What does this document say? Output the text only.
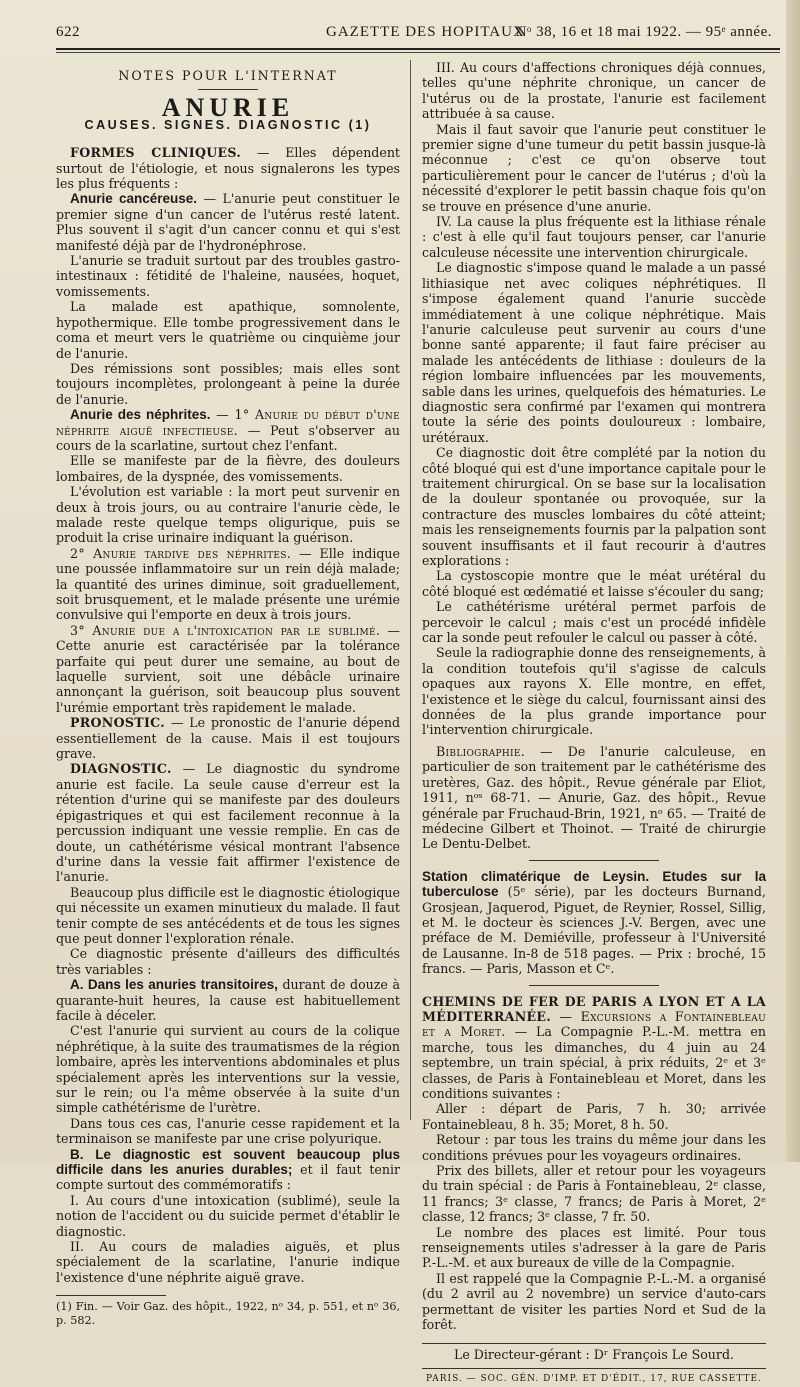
622	GAZETTE DES HOPITAUX
Nᵒ 38, 16 et 18 mai 1922. — 95ᵉ année.
NOTES POUR L'INTERNAT
ANURIE
CAUSES. SIGNES. DIAGNOSTIC (1)

FORMES CLINIQUES. — Elles dépendent surtout de l'étiologie, et nous signalerons les types les plus fréquents :

Anurie cancéreuse. — L'anurie peut constituer le premier signe d'un cancer de l'utérus resté latent. Plus souvent il s'agit d'un cancer connu et qui s'est manifesté déjà par de l'hydronéphrose.

L'anurie se traduit surtout par des troubles gastro-intestinaux : fétidité de l'haleine, nausées, hoquet, vomissements.

La malade est apathique, somnolente, hypothermique. Elle tombe progressivement dans le coma et meurt vers le quatrième ou cinquième jour de l'anurie.

Des rémissions sont possibles; mais elles sont toujours incomplètes, prolongeant à peine la durée de l'anurie.

Anurie des néphrites. — 1° Anurie du début d'une néphrite aiguë infectieuse. — Peut s'observer au cours de la scarlatine, surtout chez l'enfant.

Elle se manifeste par de la fièvre, des douleurs lombaires, de la dyspnée, des vomissements.

L'évolution est variable : la mort peut survenir en deux à trois jours, ou au contraire l'anurie cède, le malade reste quelque temps oligurique, puis se produit la crise urinaire indiquant la guérison.

2° Anurie tardive des néphrites. — Elle indique une poussée inflammatoire sur un rein déjà malade; la quantité des urines diminue, soit graduellement, soit brusquement, et le malade présente une urémie convulsive qui l'emporte en deux à trois jours.

3° Anurie due a l'intoxication par le sublimé. — Cette anurie est caractérisée par la tolérance parfaite qui peut durer une semaine, au bout de laquelle survient, soit une débâcle urinaire annonçant la guérison, soit beaucoup plus souvent l'urémie emportant très rapidement le malade.

PRONOSTIC. — Le pronostic de l'anurie dépend essentiellement de la cause. Mais il est toujours grave.

DIAGNOSTIC. — Le diagnostic du syndrome anurie est facile. La seule cause d'erreur est la rétention d'urine qui se manifeste par des douleurs épigastriques et qui est facilement reconnue à la percussion indiquant une vessie remplie. En cas de doute, un cathétérisme vésical montrant l'absence d'urine dans la vessie fait affirmer l'existence de l'anurie.

Beaucoup plus difficile est le diagnostic étiologique qui nécessite un examen minutieux du malade. Il faut tenir compte de ses antécédents et de tous les signes que peut donner l'exploration rénale.

Ce diagnostic présente d'ailleurs des difficultés très variables :

A. Dans les anuries transitoires, durant de douze à quarante-huit heures, la cause est habituellement facile à déceler.

C'est l'anurie qui survient au cours de la colique néphrétique, à la suite des traumatismes de la région lombaire, après les interventions abdominales et plus spécialement après les interventions sur la vessie, sur le rein; ou l'a même observée à la suite d'un simple cathétérisme de l'urètre.

Dans tous ces cas, l'anurie cesse rapidement et la terminaison se manifeste par une crise polyurique.

B. Le diagnostic est souvent beaucoup plus difficile dans les anuries durables; et il faut tenir compte surtout des commémoratifs :

I. Au cours d'une intoxication (sublimé), seule la notion de l'accident ou du suicide permet d'établir le diagnostic.

II. Au cours de maladies aiguës, et plus spécialement de la scarlatine, l'anurie indique l'existence d'une néphrite aiguë grave.

(1) Fin. — Voir Gaz. des hôpit., 1922, nᵒ 34, p. 551, et nᵒ 36, p. 582.

III. Au cours d'affections chroniques déjà connues, telles qu'une néphrite chronique, un cancer de l'utérus ou de la prostate, l'anurie est facilement attribuée à sa cause.

Mais il faut savoir que l'anurie peut constituer le premier signe d'une tumeur du petit bassin jusque-là méconnue ; c'est ce qu'on observe tout particulièrement pour le cancer de l'utérus ; d'où la nécessité d'explorer le petit bassin chaque fois qu'on se trouve en présence d'une anurie.

IV. La cause la plus fréquente est la lithiase rénale : c'est à elle qu'il faut toujours penser, car l'anurie calculeuse nécessite une intervention chirurgicale.

Le diagnostic s'impose quand le malade a un passé lithiasique net avec coliques néphrétiques. Il s'impose également quand l'anurie succède immédiatement à une colique néphrétique. Mais l'anurie calculeuse peut survenir au cours d'une bonne santé apparente; il faut faire préciser au malade les antécédents de lithiase : douleurs de la région lombaire influencées par les mouvements, sable dans les urines, quelquefois des hématuries. Le diagnostic sera confirmé par l'examen qui montrera toute la série des points douloureux : lombaire, urétéraux.

Ce diagnostic doit être complété par la notion du côté bloqué qui est d'une importance capitale pour le traitement chirurgical. On se base sur la localisation de la douleur spontanée ou provoquée, sur la contracture des muscles lombaires du côté atteint; mais les renseignements fournis par la palpation sont souvent insuffisants et il faut recourir à d'autres explorations :

La cystoscopie montre que le méat urétéral du côté bloqué est œdématié et laisse s'écouler du sang;

Le cathétérisme urétéral permet parfois de percevoir le calcul ; mais c'est un procédé infidèle car la sonde peut refouler le calcul ou passer à côté.

Seule la radiographie donne des renseignements, à la condition toutefois qu'il s'agisse de calculs opaques aux rayons X. Elle montre, en effet, l'existence et le siège du calcul, fournissant ainsi des données de la plus grande importance pour l'intervention chirurgicale.

Bibliographie. — De l'anurie calculeuse, en particulier de son traitement par le cathétérisme des uretères, Gaz. des hôpit., Revue générale par Eliot, 1911, nᵒˢ 68-71. — Anurie, Gaz. des hôpit., Revue générale par Fruchaud-Brin, 1921, nᵒ 65. — Traité de médecine Gilbert et Thoinot. — Traité de chirurgie Le Dentu-Delbet.

Station climatérique de Leysin. Etudes sur la tuberculose (5ᵉ série), par les docteurs Burnand, Grosjean, Jaquerod, Piguet, de Reynier, Rossel, Sillig, et M. le docteur ès sciences J.-V. Bergen, avec une préface de M. Demiéville, professeur à l'Université de Lausanne. In-8 de 518 pages. — Prix : broché, 15 francs. — Paris, Masson et Cᵉ.

CHEMINS DE FER DE PARIS A LYON ET A LA MÉDITERRANÉE. — Excursions a Fontainebleau et a Moret. — La Compagnie P.-L.-M. mettra en marche, tous les dimanches, du 4 juin au 24 septembre, un train spécial, à prix réduits, 2ᵉ et 3ᵉ classes, de Paris à Fontainebleau et Moret, dans les conditions suivantes :

Aller : départ de Paris, 7 h. 30; arrivée Fontainebleau, 8 h. 35; Moret, 8 h. 50.

Retour : par tous les trains du même jour dans les conditions prévues pour les voyageurs ordinaires.

Prix des billets, aller et retour pour les voyageurs du train spécial : de Paris à Fontainebleau, 2ᵉ classe, 11 francs; 3ᵉ classe, 7 francs; de Paris à Moret, 2ᵉ classe, 12 francs; 3ᵉ classe, 7 fr. 50.

Le nombre des places est limité. Pour tous renseignements utiles s'adresser à la gare de Paris P.-L.-M. et aux bureaux de ville de la Compagnie.

Il est rappelé que la Compagnie P.-L.-M. a organisé (du 2 avril au 2 novembre) un service d'auto-cars permettant de visiter les parties Nord et Sud de la forêt.

Le Directeur-gérant : Dʳ François Le Sourd.
PARIS. — SOC. GÉN. D'IMP. ET D'ÉDIT., 17, RUE CASSETTE.
